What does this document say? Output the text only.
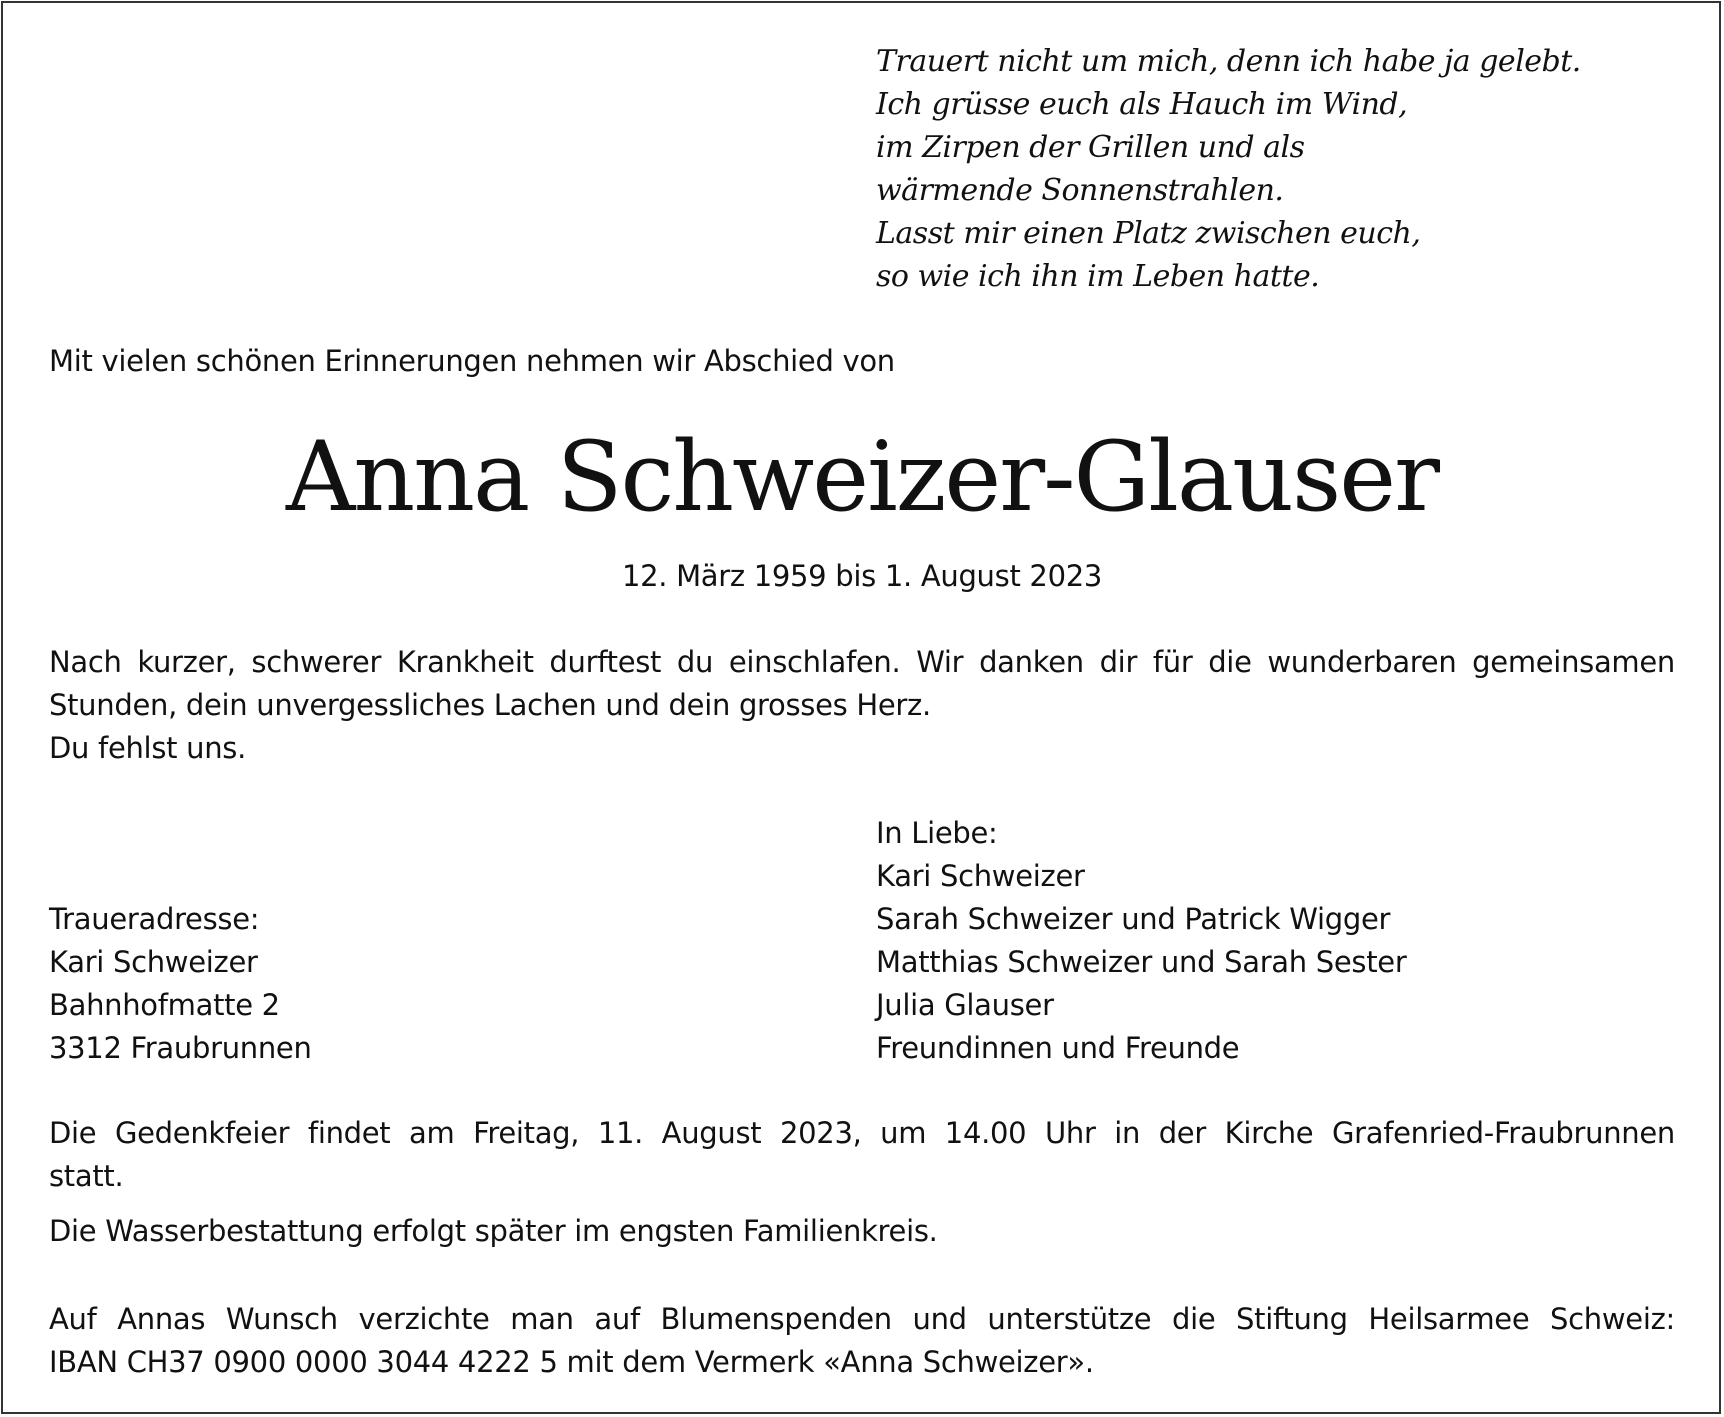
Trauert nicht um mich, denn ich habe ja gelebt.
Ich grüsse euch als Hauch im Wind,
im Zirpen der Grillen und als
wärmende Sonnenstrahlen.
Lasst mir einen Platz zwischen euch,
so wie ich ihn im Leben hatte.
Mit vielen schönen Erinnerungen nehmen wir Abschied von
Anna Schweizer-Glauser
12. März 1959 bis 1. August 2023
Nach kurzer, schwerer Krankheit durftest du einschlafen. Wir danken dir für die wunderbaren gemeinsamen
Stunden, dein unvergessliches Lachen und dein grosses Herz.
Du fehlst uns.
In Liebe:
Kari Schweizer
Sarah Schweizer und Patrick Wigger
Matthias Schweizer und Sarah Sester
Julia Glauser
Freundinnen und Freunde
Traueradresse:
Kari Schweizer
Bahnhofmatte 2
3312 Fraubrunnen
Die Gedenkfeier findet am Freitag, 11. August 2023, um 14.00 Uhr in der Kirche Grafenried-Fraubrunnen
statt.
Die Wasserbestattung erfolgt später im engsten Familienkreis.
Auf Annas Wunsch verzichte man auf Blumenspenden und unterstütze die Stiftung Heilsarmee Schweiz:
IBAN CH37 0900 0000 3044 4222 5 mit dem Vermerk «Anna Schweizer».
